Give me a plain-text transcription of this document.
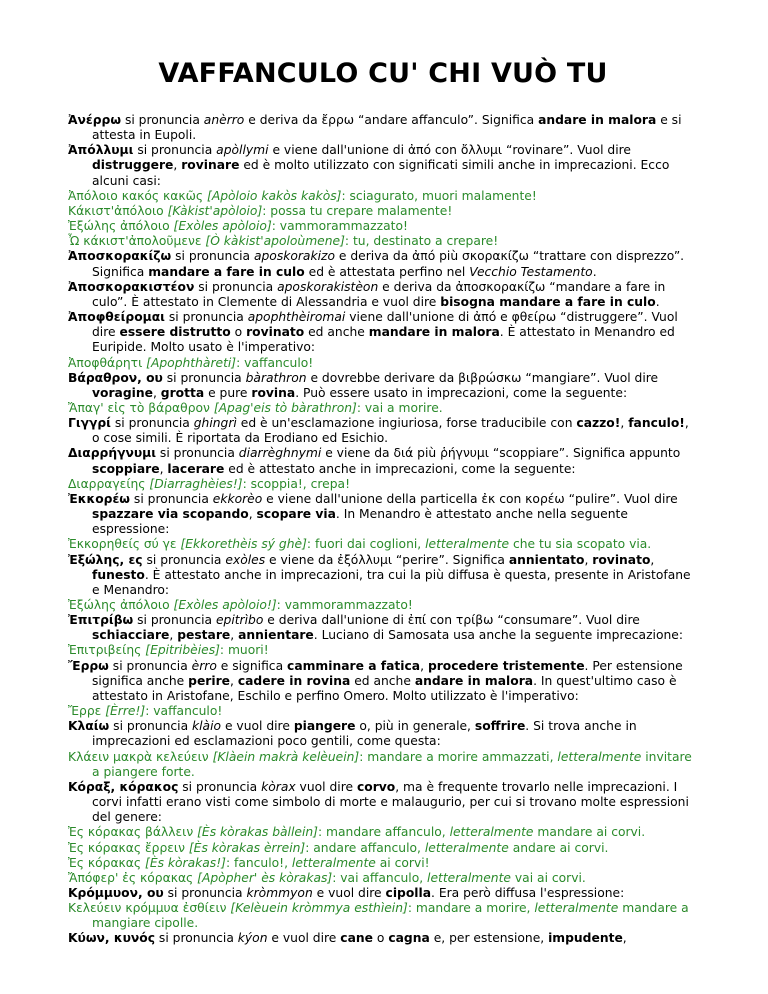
VAFFANCULO CU' CHI VUÒ TU

Ἀνέρρω si pronuncia anèrro e deriva da ἔρρω “andare affanculo”. Significa andare in malora e si attesta in Eupoli.

Ἀπόλλυμι si pronuncia apòllymi e viene dall'unione di ἀπό con ὄλλυμι “rovinare”. Vuol dire distruggere, rovinare ed è molto utilizzato con significati simili anche in imprecazioni. Ecco alcuni casi:

Ἀπόλοιο κακός κακῶς [Apòloio kakòs kakòs]: sciagurato, muori malamente!

Κάκιστ'ἀπόλοιο [Kàkist'apòloio]: possa tu crepare malamente!

Ἐξώλης ἀπόλοιο [Exòles apòloio]: vammorammazzato!

Ὦ κάκιστ'ἀπολοῦμενε [Ò kàkist'apoloùmene]: tu, destinato a crepare!

Ἀποσκορακίζω si pronuncia aposkorakizo e deriva da ἀπό più σκορακίζω “trattare con disprezzo”. Significa mandare a fare in culo ed è attestata perfino nel Vecchio Testamento.

Ἀποσκορακιστέον si pronuncia aposkorakistèon e deriva da ἀποσκορακίζω “mandare a fare in culo”. È attestato in Clemente di Alessandria e vuol dire bisogna mandare a fare in culo.

Ἀποφθείρομαι si pronuncia apophthèiromai viene dall'unione di ἀπό e φθείρω “distruggere”. Vuol dire essere distrutto o rovinato ed anche mandare in malora. È attestato in Menandro ed Euripide. Molto usato è l'imperativo:

Ἀποφθάρητι [Apophthàreti]: vaffanculo!

Βάραθρον, ου si pronuncia bàrathron e dovrebbe derivare da βιβρώσκω “mangiare”. Vuol dire voragine, grotta e pure rovina. Può essere usato in imprecazioni, come la seguente:

Ἄπαγ' εἰς τὸ βάραθρον [Apag'eis tò bàrathron]: vai a morire.

Γιγγρί si pronuncia ghingrì ed è un'esclamazione ingiuriosa, forse traducibile con cazzo!, fanculo!, o cose simili. È riportata da Erodiano ed Esichio.

Διαρρήγνυμι si pronuncia diarrèghnymi e viene da διά più ῥήγνυμι “scoppiare”. Significa appunto scoppiare, lacerare ed è attestato anche in imprecazioni, come la seguente:

Διαρραγείης [Diarraghèies!]: scoppia!, crepa!

Ἐκκορέω si pronuncia ekkorèo e viene dall'unione della particella ἐκ con κορέω “pulire”. Vuol dire spazzare via scopando, scopare via. In Menandro è attestato anche nella seguente espressione:

Ἐκκορηθείς σύ γε [Ekkorethèis sý ghè]: fuori dai coglioni, letteralmente che tu sia scopato via.

Ἐξώλης, ες si pronuncia exòles e viene da ἐξόλλυμι “perire”. Significa annientato, rovinato, funesto. È attestato anche in imprecazioni, tra cui la più diffusa è questa, presente in Aristofane e Menandro:

Ἐξώλης ἀπόλοιο [Exòles apòloio!]: vammorammazzato!

Ἐπιτρίβω si pronuncia epitrìbo e deriva dall'unione di ἐπί con τρίβω “consumare”. Vuol dire schiacciare, pestare, annientare. Luciano di Samosata usa anche la seguente imprecazione:

Ἐπιτριβείης [Epitribèies]: muori!

Ἔρρω si pronuncia èrro e significa camminare a fatica, procedere tristemente. Per estensione significa anche perire, cadere in rovina ed anche andare in malora. In quest'ultimo caso è attestato in Aristofane, Eschilo e perfino Omero. Molto utilizzato è l'imperativo:

Ἔρρε [Èrre!]: vaffanculo!

Κλαίω si pronuncia klàio e vuol dire piangere o, più in generale, soffrire. Si trova anche in imprecazioni ed esclamazioni poco gentili, come questa:

Κλάειν μακρὰ κελεύειν [Klàein makrà kelèuein]: mandare a morire ammazzati, letteralmente invitare a piangere forte.

Κόραξ, κόρακος si pronuncia kòrax vuol dire corvo, ma è frequente trovarlo nelle imprecazioni. I corvi infatti erano visti come simbolo di morte e malaugurio, per cui si trovano molte espressioni del genere:

Ἐς κόρακας βάλλειν [Ès kòrakas bàllein]: mandare affanculo, letteralmente mandare ai corvi.

Ἐς κόρακας ἔρρειν [Ès kòrakas èrrein]: andare affanculo, letteralmente andare ai corvi.

Ἐς κόρακας [Ès kòrakas!]: fanculo!, letteralmente ai corvi!

Ἄπόφερ' ἐς κόρακας [Apòpher' ès kòrakas]: vai affanculo, letteralmente vai ai corvi.

Κρόμμυον, ου si pronuncia kròmmyon e vuol dire cipolla. Era però diffusa l'espressione:

Κελεύειν κρόμμυα ἐσθίειν [Kelèuein kròmmya esthìein]: mandare a morire, letteralmente mandare a mangiare cipolle.

Κύων, κυνός si pronuncia kýon e vuol dire cane o cagna e, per estensione, impudente,
